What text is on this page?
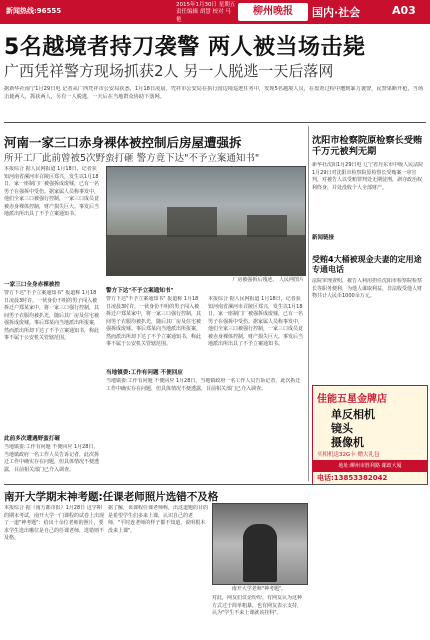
新闻热线:96555
2015年1月30日 星期五
责任编辑 胡慧 校对 马艳
柳州晚报	国内·社会	A03
5名越境者持刀袭警 两人被当场击毙
广西凭祥警方现场抓获2人 另一人脱逃一天后落网
据新华社南宁1月29日电 记者从广西凭祥市公安局获悉，1月18日凌晨，凭祥市公安局在执行国边境巡逻任务中，发现5名越境人员，在盘查过程中遭到暴力袭警，民警果断开枪，当场击毙两人，抓获两人，另有一人脱逃，一天后在当地群众协助下落网。
河南一家三口赤身裸体被控制后房屋遭强拆
所开工厂此前曾被5次野蛮打砸 警方竟下达"不予立案通知书"
本报综合 据人民网报道 1月18日，记者获知河南省漯河市召陵区郑兴，发生以1月18日，家一座制门厂被强拆成废墟，已有一名男子在强拆中受伤。据家属人员称事发中，他们全家三口被强行控制，一家三口成员竟被赤身裸体控制，财产损失巨大。事发后当地派出所出具了不予立案通知书。
一家三口全身赤裸被控
警方下达"不予立案通知书" 报道称 1月18日凌晨3时许，一伙身份不明的男子闯入被拆迁户郑某家中，将一家三口强行控制，其间男子衣服均被扒光，随后其厂房及住宅被强拆成废墟。事后郑某向当地派出所报案，然而派出所却下达了不予立案通知书，称此事不属于公安机关管辖范围。
此前多次遭遇野蛮打砸
当地镇委:工作有问题 不便回应 1月28日，当地镇政府一名工作人员告诉记者，此次拆迁工作中确实存在问题，但具体情况不便透露，目前相关部门已介入调查。
厂房被强拆后残迹。 人民网图片
警方下达"不予立案通知书"
警方下达"不予立案通知书" 报道称 1月18日凌晨3时许，一伙身份不明的男子闯入被拆迁户郑某家中，将一家三口强行控制，其间男子衣服均被扒光，随后其厂房及住宅被强拆成废墟。事后郑某向当地派出所报案，然而派出所却下达了不予立案通知书，称此事不属于公安机关管辖范围。
本报综合 据人民网报道 1月18日，记者获知河南省漯河市召陵区郑兴，发生以1月18日，家一座制门厂被强拆成废墟，已有一名男子在强拆中受伤。据家属人员称事发中，他们全家三口被强行控制，一家三口成员竟被赤身裸体控制，财产损失巨大。事发后当地派出所出具了不予立案通知书。
当地镇委:工作有问题 不便回应
当地镇委:工作有问题 不便回应 1月28日，当地镇政府一名工作人员告诉记者，此次拆迁工作中确实存在问题，但具体情况不便透露，目前相关部门已介入调查。
沈阳市检察院原检察长受贿千万元被判无期
新华社沈阳1月29日电 辽宁省丹东市中级人民法院1月29日对沈阳市检察院原检察长受贿案一审宣判，对被告人以受贿罪判处无期徒刑，剥夺政治权利终身，并处没收个人全部财产。
新闻链接
受贿4大桶被现金夫妻的定用途专通电话
法院审理查明，被告人利用担任沈阳市检察院检察长等职务便利，为他人谋取利益，非法收受他人财物共计人民币1000余万元。
佳能五星金牌店
单反相机
镜头
摄像机
买相机送32G卡 赠大礼包
地址:柳州市胜利路 邮政大厦
电话:13853382042
南开大学期末神考题:任课老师照片选错不及格
本报综合 据《南方都市报》1月28日 这学期的期末考试，南开大学一门课程的试卷上出现了一道"神考题"：给出十余位老师的照片，要求学生选出哪位是自己的任课老师，选错则不及格。
据了解，该课程任课老师称，出这道题的目的是希望学生们多来上课，认识自己的老师，"平时连老师的样子都不知道，说明根本没来上课"。
南开大学老师"神考题"。
对此，网友们议论纷纷。有网友认为这种方式过于简单粗暴，也有网友表示支持，认为"学生不来上课就该挂科"。
